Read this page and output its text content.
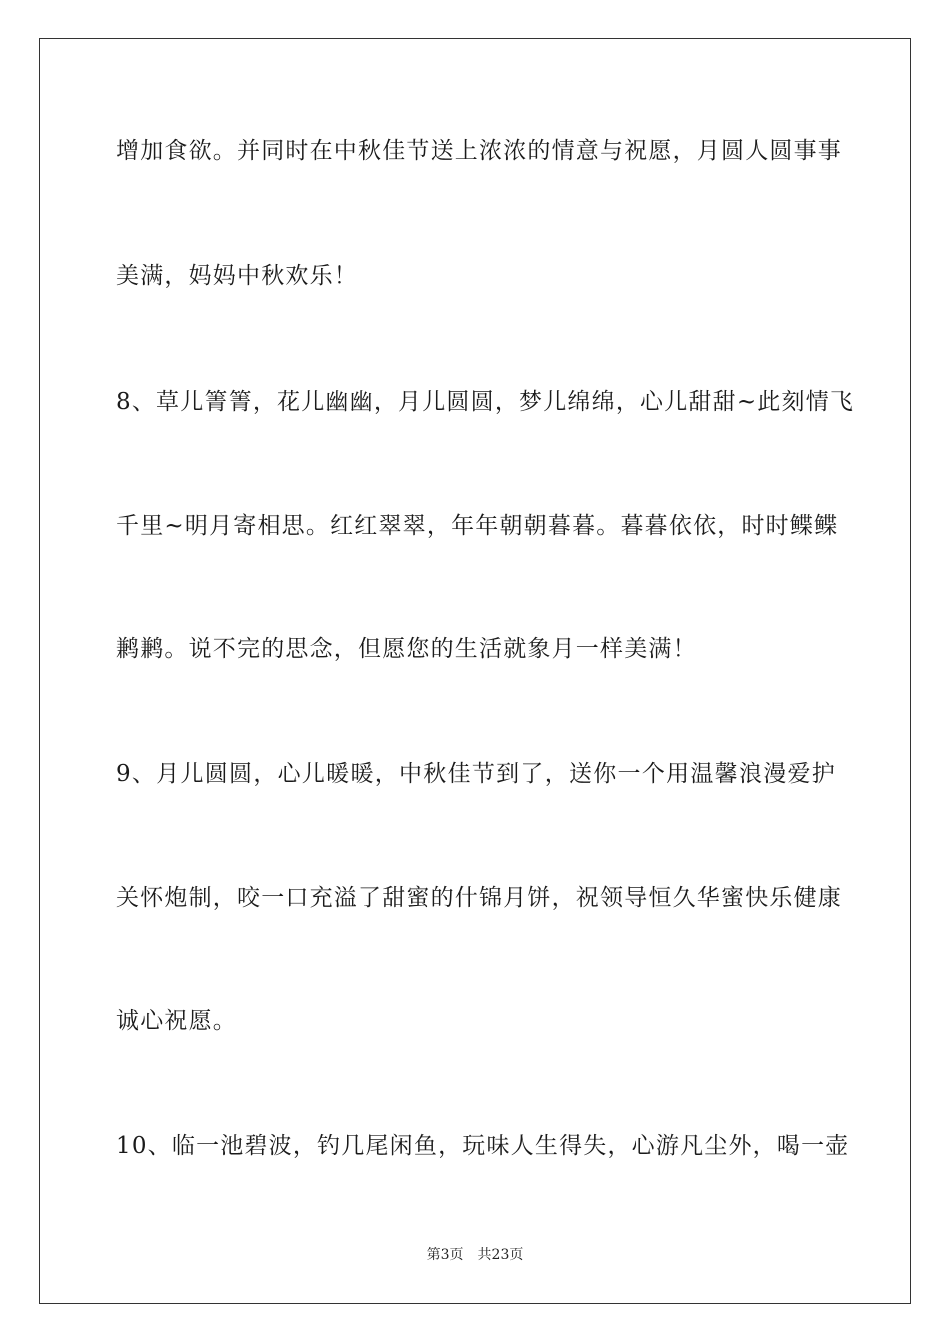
增加食欲。并同时在中秋佳节送上浓浓的情意与祝愿，月圆人圆事事
美满，妈妈中秋欢乐！
8、草儿箐箐，花儿幽幽，月儿圆圆，梦儿绵绵，心儿甜甜~此刻情飞
千里~明月寄相思。红红翠翠，年年朝朝暮暮。暮暮依依，时时鲽鲽
鹣鹣。说不完的思念，但愿您的生活就象月一样美满！
9、月儿圆圆，心儿暖暖，中秋佳节到了，送你一个用温馨浪漫爱护
关怀炮制，咬一口充溢了甜蜜的什锦月饼，祝领导恒久华蜜快乐健康
诚心祝愿。
10、临一池碧波，钓几尾闲鱼，玩味人生得失，心游凡尘外，喝一壶
第3页 共23页
